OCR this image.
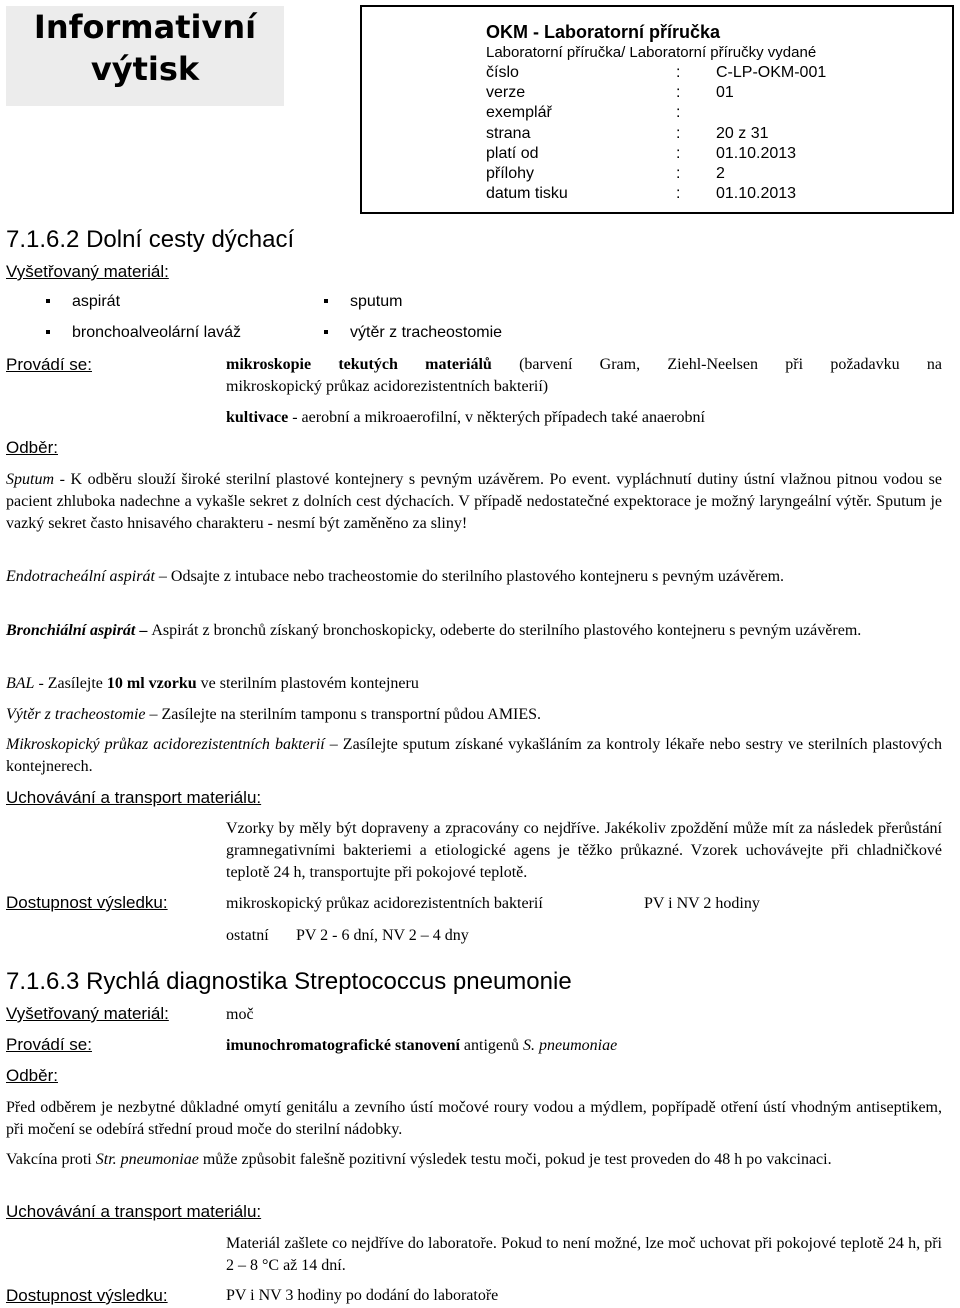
Informativní
výtisk
OKM - Laboratorní příručka
Laboratorní příručka/ Laboratorní příručky vydané
číslo	: C-LP-OKM-001
verze	: 01
exemplář	:
strana	: 20 z 31
platí od	: 01.10.2013
přílohy	: 2
datum tisku	: 01.10.2013
7.1.6.2 Dolní cesty dýchací
Vyšetřovaný materiál:
aspirát	sputum
bronchoalveolární laváž	výtěr z tracheostomie
Provádí se:	mikroskopie tekutých materiálů (barvení Gram, Ziehl-Neelsen při požadavku na
mikroskopický průkaz acidorezistentních bakterií)
kultivace - aerobní a mikroaerofilní, v některých případech také anaerobní
Odběr:
Sputum - K odběru slouží široké sterilní plastové kontejnery s pevným uzávěrem. Po event. vypláchnutí dutiny ústní vlažnou pitnou vodou se pacient zhluboka nadechne a vykašle sekret z dolních cest dýchacích. V případě nedostatečné expektorace je možný laryngeální výtěr. Sputum je vazký sekret často hnisavého charakteru - nesmí být zaměněno za sliny!
Endotracheální aspirát – Odsajte z intubace nebo tracheostomie do sterilního plastového kontejneru s pevným uzávěrem.
Bronchiální aspirát – Aspirát z bronchů získaný bronchoskopicky, odeberte do sterilního plastového kontejneru s pevným uzávěrem.
BAL - Zasílejte 10 ml vzorku ve sterilním plastovém kontejneru
Výtěr z tracheostomie – Zasílejte na sterilním tamponu s transportní půdou AMIES.
Mikroskopický průkaz acidorezistentních bakterií – Zasílejte sputum získané vykašláním za kontroly lékaře nebo sestry ve sterilních plastových kontejnerech.
Uchovávání a transport materiálu:
Vzorky by měly být dopraveny a zpracovány co nejdříve. Jakékoliv zpoždění může mít za následek přerůstání gramnegativními bakteriemi a etiologické agens je těžko průkazné. Vzorek uchovávejte při chladničkové teplotě 24 h, transportujte při pokojové teplotě.
Dostupnost výsledku:	mikroskopický průkaz acidorezistentních bakterií	PV i NV 2 hodiny
ostatní PV 2 - 6 dní, NV 2 – 4 dny
7.1.6.3 Rychlá diagnostika Streptococcus pneumonie
Vyšetřovaný materiál:	moč
Provádí se:	imunochromatografické stanovení antigenů S. pneumoniae
Odběr:
Před odběrem je nezbytné důkladné omytí genitálu a zevního ústí močové roury vodou a mýdlem, popřípadě otření ústí vhodným antiseptikem, při močení se odebírá střední proud moče do sterilní nádobky.
Vakcína proti Str. pneumoniae může způsobit falešně pozitivní výsledek testu moči, pokud je test proveden do 48 h po vakcinaci.
Uchovávání a transport materiálu:
Materiál zašlete co nejdříve do laboratoře. Pokud to není možné, lze moč uchovat při pokojové teplotě 24 h, při 2 – 8 °C až 14 dní.
Dostupnost výsledku:	PV i NV 3 hodiny po dodání do laboratoře
